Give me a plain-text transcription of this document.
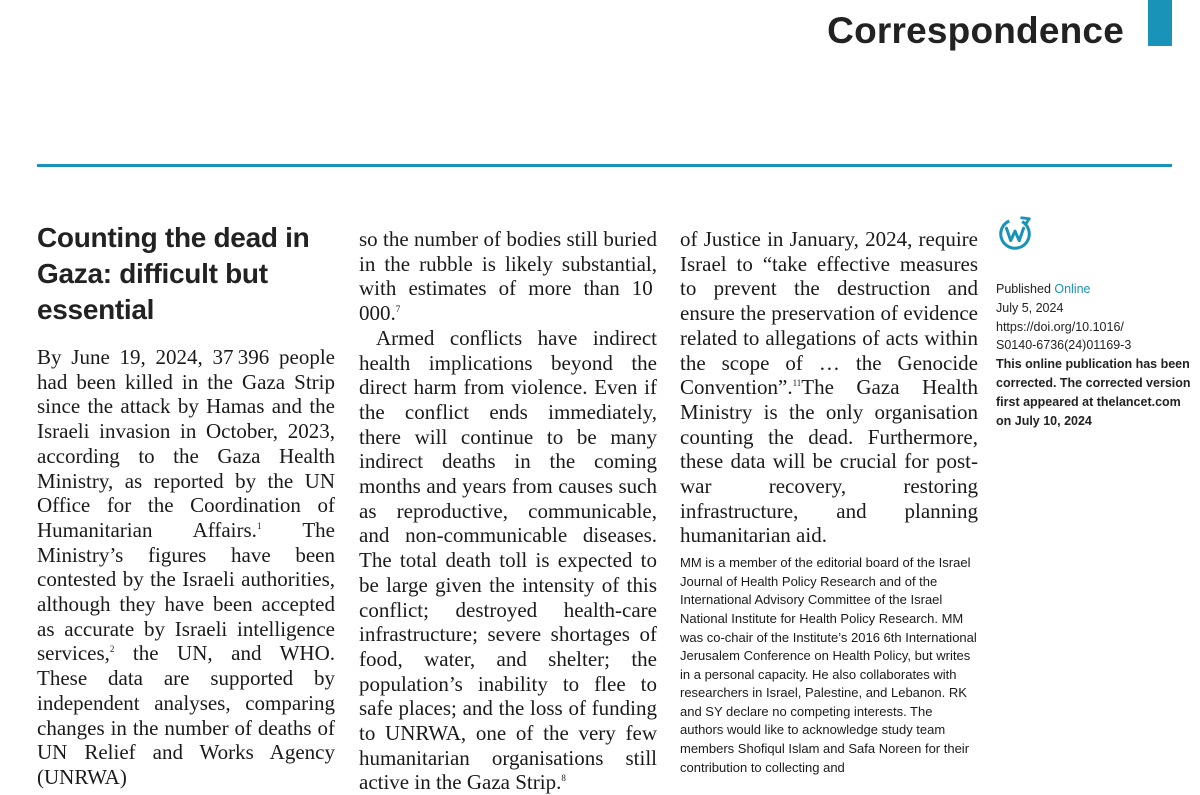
Correspondence
Counting the dead in Gaza: difficult but essential

By June 19, 2024, 37 396 people had been killed in the Gaza Strip since the attack by Hamas and the Israeli invasion in October, 2023, according to the Gaza Health Ministry, as reported by the UN Office for the Coordination of Humanitarian Affairs.$^1$ The Ministry’s figures have been contested by the Israeli authorities, although they have been accepted as accurate by Israeli intelligence services,$^2$ the UN, and WHO. These data are supported by independent analyses, comparing changes in the number of deaths of UN Relief and Works Agency (UNRWA)

so the number of bodies still buried in the rubble is likely substantial, with estimates of more than 10 000.$^7$

Armed conflicts have indirect health implications beyond the direct harm from violence. Even if the conflict ends immediately, there will continue to be many indirect deaths in the coming months and years from causes such as reproductive, communicable, and non-communicable diseases. The total death toll is expected to be large given the intensity of this conflict; destroyed health-care infrastructure; severe shortages of food, water, and shelter; the population’s inability to flee to safe places; and the loss of funding to UNRWA, one of the very few humanitarian organisations still active in the Gaza Strip.$^8$

of Justice in January, 2024, require Israel to “take effective measures to prevent the destruction and ensure the preservation of evidence related to allegations of acts within the scope of … the Genocide Convention”.$^{11}$The Gaza Health Ministry is the only organisation counting the dead. Furthermore, these data will be crucial for post-war recovery, restoring infrastructure, and planning humanitarian aid.

MM is a member of the editorial board of the Israel Journal of Health Policy Research and of the International Advisory Committee of the Israel National Institute for Health Policy Research. MM was co-chair of the Institute’s 2016 6th International Jerusalem Conference on Health Policy, but writes in a personal capacity. He also collaborates with researchers in Israel, Palestine, and Lebanon. RK and SY declare no competing interests. The authors would like to acknowledge study team members Shofiqul Islam and Safa Noreen for their contribution to collecting and

Published Online
July 5, 2024
https://doi.org/10.1016/
S0140-6736(24)01169-3
This online publication has been
corrected. The corrected version
first appeared at thelancet.com
on July 10, 2024
